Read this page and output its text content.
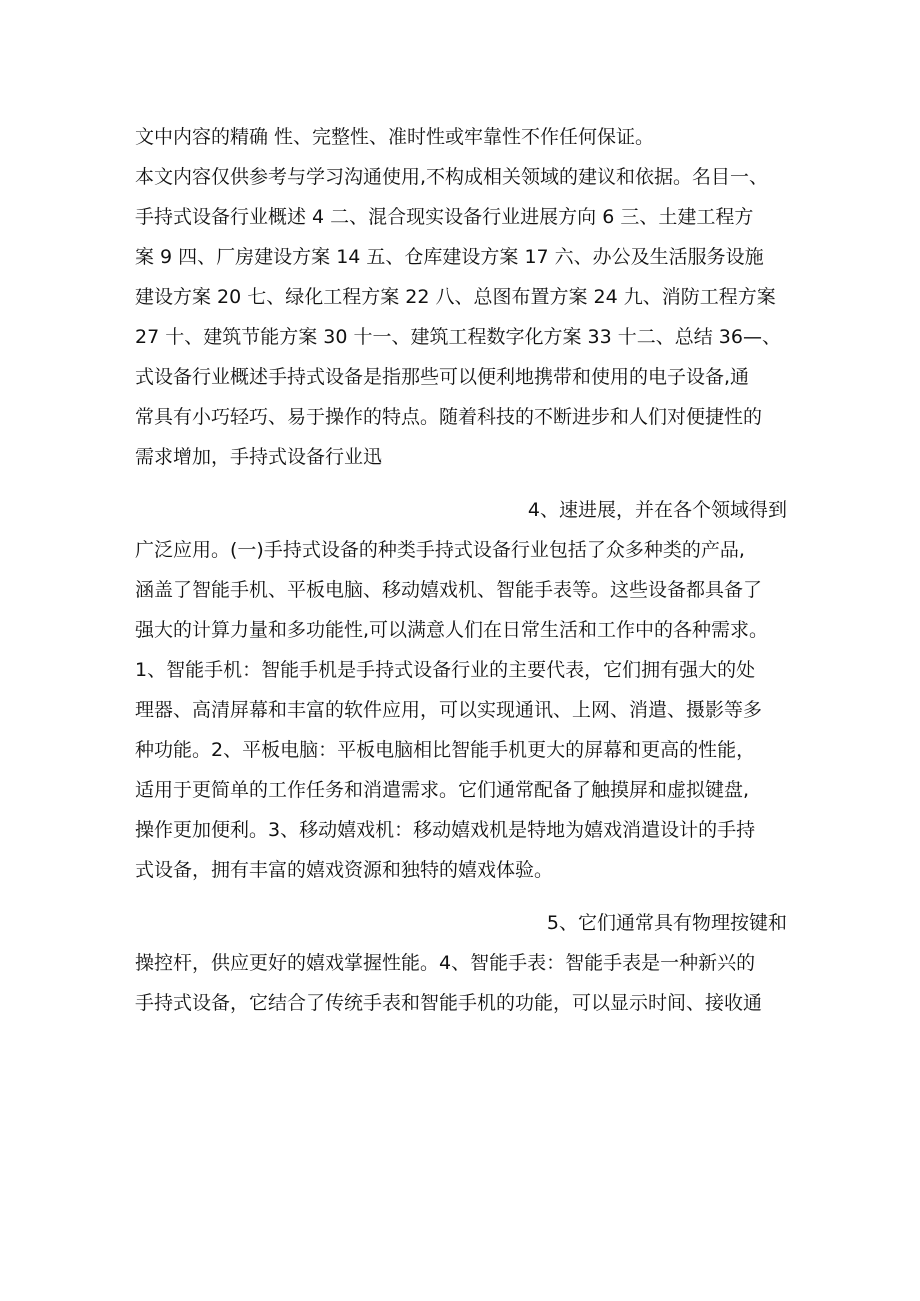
文中内容的精确 性、完整性、准时性或牢靠性不作任何保证。
本文内容仅供参考与学习沟通使用,不构成相关领域的建议和依据。名目一、
手持式设备行业概述 4 二、混合现实设备行业进展方向 6 三、土建工程方
案 9 四、厂房建设方案 14 五、仓库建设方案 17 六、办公及生活服务设施
建设方案 20 七、绿化工程方案 22 八、总图布置方案 24 九、消防工程方案
27 十、建筑节能方案 30 十一、建筑工程数字化方案 33 十二、总结 36—、
式设备行业概述手持式设备是指那些可以便利地携带和使用的电子设备,通
常具有小巧轻巧、易于操作的特点。随着科技的不断进步和人们对便捷性的
需求增加，手持式设备行业迅
4、速进展，并在各个领域得到
广泛应用。(一)手持式设备的种类手持式设备行业包括了众多种类的产品,
涵盖了智能手机、平板电脑、移动嬉戏机、智能手表等。这些设备都具备了
强大的计算力量和多功能性,可以满意人们在日常生活和工作中的各种需求。
1、智能手机：智能手机是手持式设备行业的主要代表，它们拥有强大的处
理器、高清屏幕和丰富的软件应用，可以实现通讯、上网、消遣、摄影等多
种功能。2、平板电脑：平板电脑相比智能手机更大的屏幕和更高的性能，
适用于更简单的工作任务和消遣需求。它们通常配备了触摸屏和虚拟键盘,
操作更加便利。3、移动嬉戏机：移动嬉戏机是特地为嬉戏消遣设计的手持
式设备，拥有丰富的嬉戏资源和独特的嬉戏体验。
5、它们通常具有物理按键和
操控杆，供应更好的嬉戏掌握性能。4、智能手表：智能手表是一种新兴的
手持式设备，它结合了传统手表和智能手机的功能，可以显示时间、接收通
